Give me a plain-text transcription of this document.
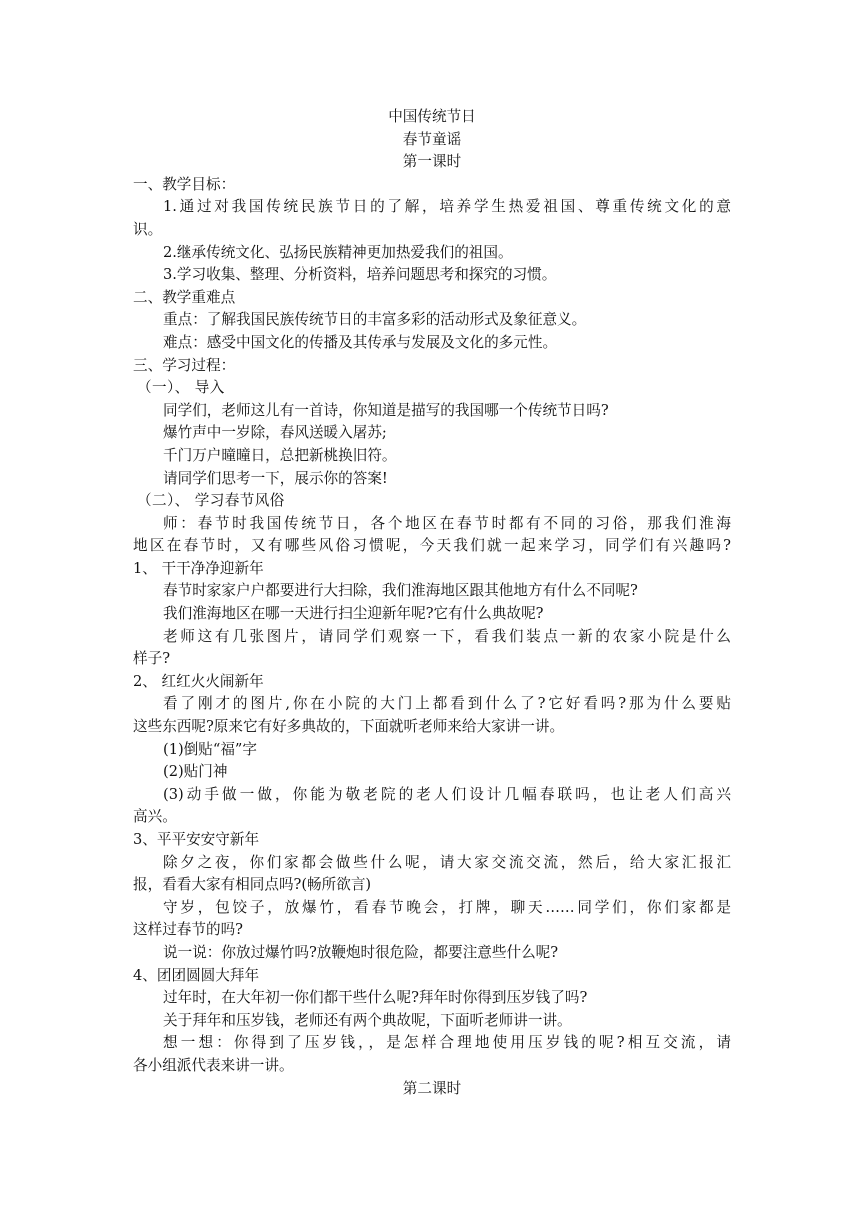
中国传统节日
春节童谣
第一课时
一、教学目标：
1.通过对我国传统民族节日的了解，培养学生热爱祖国、尊重传统文化的意
识。
2.继承传统文化、弘扬民族精神更加热爱我们的祖国。
3.学习收集、整理、分析资料，培养问题思考和探究的习惯。
二、教学重难点
重点：了解我国民族传统节日的丰富多彩的活动形式及象征意义。
难点：感受中国文化的传播及其传承与发展及文化的多元性。
三、学习过程：
（一）、 导入
同学们，老师这儿有一首诗，你知道是描写的我国哪一个传统节日吗?
爆竹声中一岁除，春风送暖入屠苏;
千门万户曈曈日，总把新桃换旧符。
请同学们思考一下，展示你的答案!
（二）、 学习春节风俗
师：春节时我国传统节日，各个地区在春节时都有不同的习俗，那我们淮海
地区在春节时，又有哪些风俗习惯呢，今天我们就一起来学习，同学们有兴趣吗?
1、 干干净净迎新年
春节时家家户户都要进行大扫除，我们淮海地区跟其他地方有什么不同呢?
我们淮海地区在哪一天进行扫尘迎新年呢?它有什么典故呢?
老师这有几张图片，请同学们观察一下，看我们装点一新的农家小院是什么
样子?
2、 红红火火闹新年
看了刚才的图片,你在小院的大门上都看到什么了?它好看吗?那为什么要贴
这些东西呢?原来它有好多典故的，下面就听老师来给大家讲一讲。
(1)倒贴“福”字
(2)贴门神
(3)动手做一做，你能为敬老院的老人们设计几幅春联吗，也让老人们高兴
高兴。
3、平平安安守新年
除夕之夜，你们家都会做些什么呢，请大家交流交流，然后，给大家汇报汇
报，看看大家有相同点吗?(畅所欲言)
守岁，包饺子，放爆竹，看春节晚会，打牌，聊天……同学们，你们家都是
这样过春节的吗?
说一说：你放过爆竹吗?放鞭炮时很危险，都要注意些什么呢?
4、团团圆圆大拜年
过年时，在大年初一你们都干些什么呢?拜年时你得到压岁钱了吗?
关于拜年和压岁钱，老师还有两个典故呢，下面听老师讲一讲。
想一想：你得到了压岁钱，，是怎样合理地使用压岁钱的呢?相互交流，请
各小组派代表来讲一讲。
第二课时
